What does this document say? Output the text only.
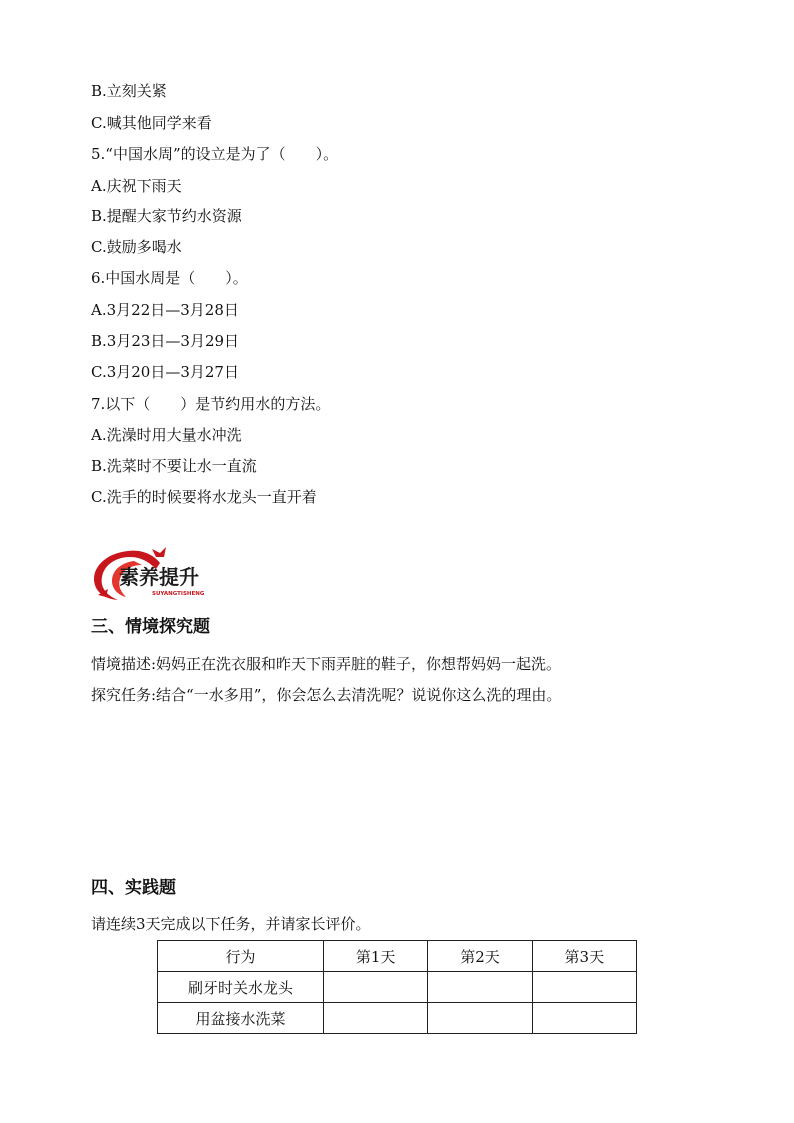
B.立刻关紧
C.喊其他同学来看
5.“中国水周”的设立是为了（　　）。
A.庆祝下雨天
B.提醒大家节约水资源
C.鼓励多喝水
6.中国水周是（　　）。
A.3月22日—3月28日
B.3月23日—3月29日
C.3月20日—3月27日
7.以下（　　）是节约用水的方法。
A.洗澡时用大量水冲洗
B.洗菜时不要让水一直流
C.洗手的时候要将水龙头一直开着
素养提升
SUYANGTISHENG
三、情境探究题
情境描述:妈妈正在洗衣服和昨天下雨弄脏的鞋子，你想帮妈妈一起洗。
探究任务:结合“一水多用”，你会怎么去清洗呢？说说你这么洗的理由。
四、实践题
请连续3天完成以下任务，并请家长评价。
行为	第1天	第2天	第3天
刷牙时关水龙头			
用盆接水洗菜			
